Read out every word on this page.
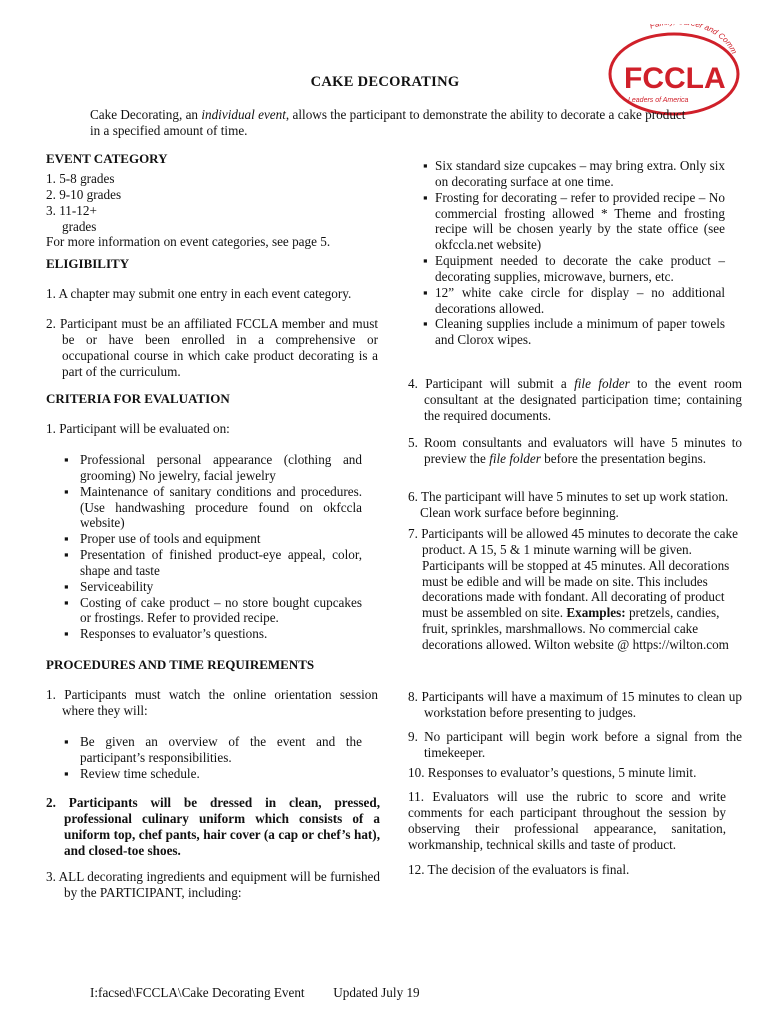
Fa er and Comm
FCCLA
Leaders of America
CAKE DECORATING
Cake Decorating, an individual event, allows the participant to demonstrate the ability to decorate a cake product
in a specified amount of time.
EVENT CATEGORY
1. 5-8 grades
2. 9-10 grades
3. 11-12+
grades
For more information on event categories, see page 5.
ELIGIBILITY
1. A chapter may submit one entry in each event category.
2. Participant must be an affiliated FCCLA member and must be or have been enrolled in a comprehensive or occupational course in which cake product decorating is a part of the curriculum.
CRITERIA FOR EVALUATION
1. Participant will be evaluated on:
▪ Professional personal appearance (clothing and grooming) No jewelry, facial jewelry
▪ Maintenance of sanitary conditions and procedures. (Use handwashing procedure found on okfccla website)
▪ Proper use of tools and equipment
▪ Presentation of finished product-eye appeal, color, shape and taste
▪ Serviceability
▪ Costing of cake product – no store bought cupcakes or frostings. Refer to provided recipe.
▪ Responses to evaluator’s questions.
PROCEDURES AND TIME REQUIREMENTS
1. Participants must watch the online orientation session where they will:
▪ Be given an overview of the event and the participant’s responsibilities.
▪ Review time schedule.
2. Participants will be dressed in clean, pressed, professional culinary uniform which consists of a uniform top, chef pants, hair cover (a cap or chef’s hat), and closed-toe shoes.
3. ALL decorating ingredients and equipment will be furnished by the PARTICIPANT, including:
▪ Six standard size cupcakes – may bring extra. Only six on decorating surface at one time.
▪ Frosting for decorating – refer to provided recipe – No commercial frosting allowed * Theme and frosting recipe will be chosen yearly by the state office (see okfccla.net website)
▪ Equipment needed to decorate the cake product – decorating supplies, microwave, burners, etc.
▪ 12” white cake circle for display – no additional decorations allowed.
▪ Cleaning supplies include a minimum of paper towels and Clorox wipes.
4. Participant will submit a file folder to the event room consultant at the designated participation time; containing the required documents.
5. Room consultants and evaluators will have 5 minutes to preview the file folder before the presentation begins.
6. The participant will have 5 minutes to set up work station. Clean work surface before beginning.
7. Participants will be allowed 45 minutes to decorate the cake product. A 15, 5 & 1 minute warning will be given. Participants will be stopped at 45 minutes. All decorations must be edible and will be made on site. This includes decorations made with fondant. All decorating of product must be assembled on site. Examples: pretzels, candies, fruit, sprinkles, marshmallows. No commercial cake decorations allowed. Wilton website @ https://wilton.com
8. Participants will have a maximum of 15 minutes to clean up workstation before presenting to judges.
9. No participant will begin work before a signal from the timekeeper.
10. Responses to evaluator’s questions, 5 minute limit.
11. Evaluators will use the rubric to score and write comments for each participant throughout the session by observing their professional appearance, sanitation, workmanship, technical skills and taste of product.
12. The decision of the evaluators is final.
I:facsed\FCCLA\Cake Decorating Event Updated July 19
